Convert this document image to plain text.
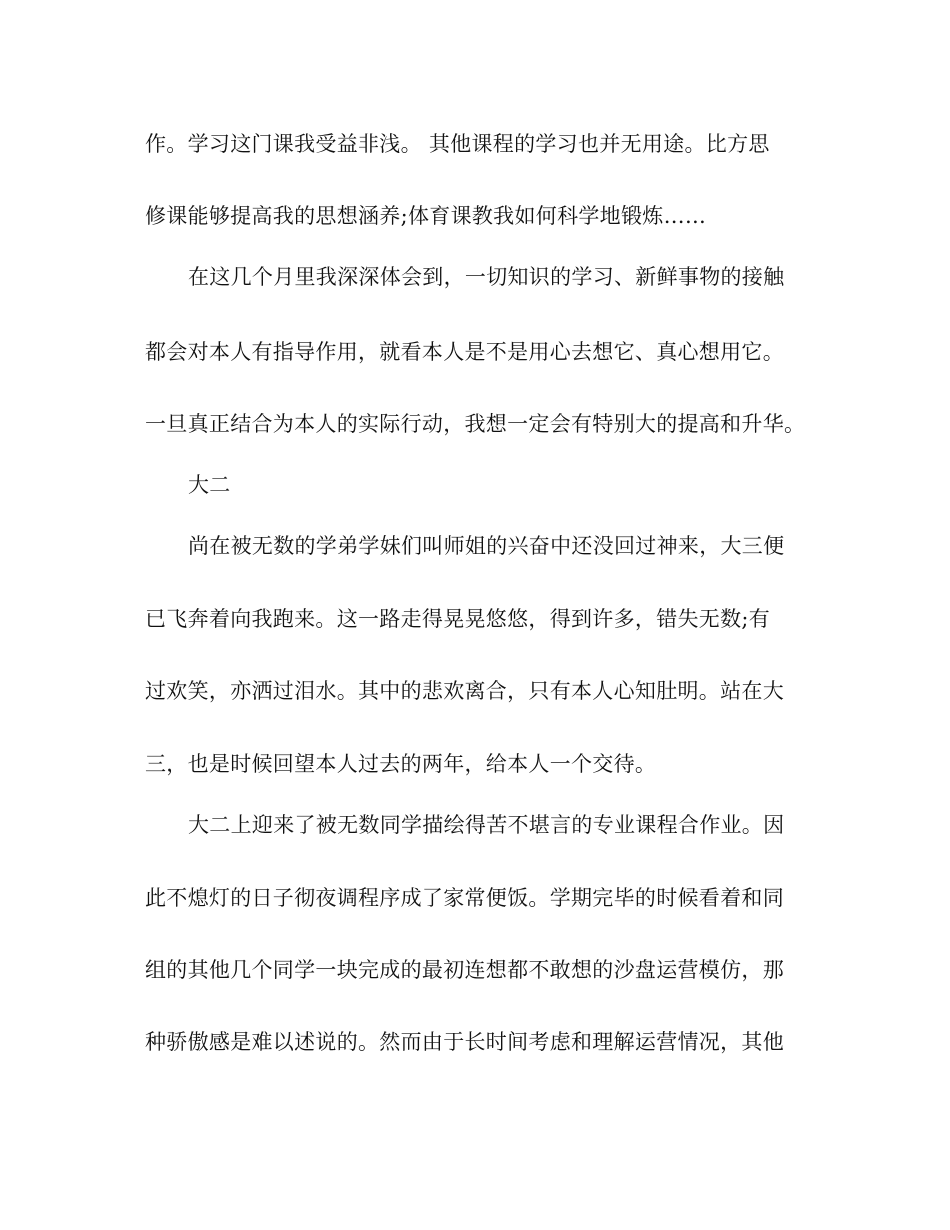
作。学习这门课我受益非浅。 其他课程的学习也并无用途。比方思
修课能够提高我的思想涵养;体育课教我如何科学地锻炼……
在这几个月里我深深体会到，一切知识的学习、新鲜事物的接触
都会对本人有指导作用，就看本人是不是用心去想它、真心想用它。
一旦真正结合为本人的实际行动，我想一定会有特别大的提高和升华。
大二
尚在被无数的学弟学妹们叫师姐的兴奋中还没回过神来，大三便
已飞奔着向我跑来。这一路走得晃晃悠悠，得到许多，错失无数;有
过欢笑，亦洒过泪水。其中的悲欢离合，只有本人心知肚明。站在大
三，也是时候回望本人过去的两年，给本人一个交待。
大二上迎来了被无数同学描绘得苦不堪言的专业课程合作业。因
此不熄灯的日子彻夜调程序成了家常便饭。学期完毕的时候看着和同
组的其他几个同学一块完成的最初连想都不敢想的沙盘运营模仿，那
种骄傲感是难以述说的。然而由于长时间考虑和理解运营情况，其他
